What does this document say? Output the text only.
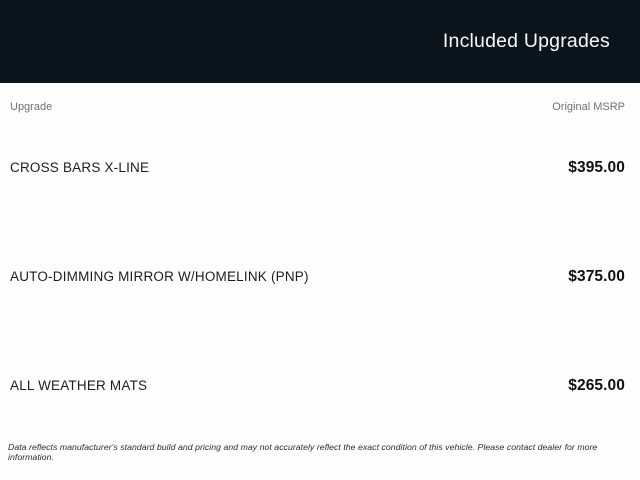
Included Upgrades
Upgrade	Original MSRP
CROSS BARS X-LINE	$395.00
AUTO-DIMMING MIRROR W/HOMELINK (PNP)	$375.00
ALL WEATHER MATS	$265.00
Data reflects manufacturer's standard build and pricing and may not accurately reflect the exact condition of this vehicle. Please contact dealer for more information.
